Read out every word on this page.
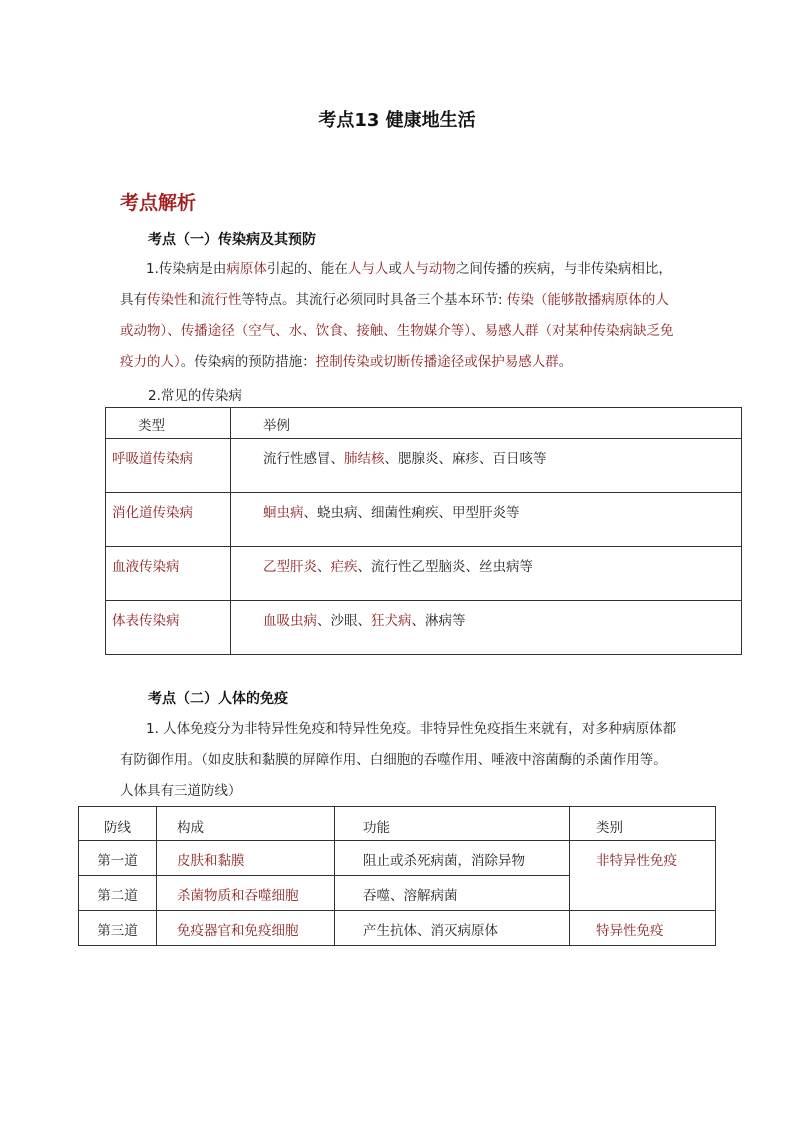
考点13 健康地生活
考点解析
考点（一）传染病及其预防
1.传染病是由病原体引起的、能在人与人或人与动物之间传播的疾病，与非传染病相比，具有传染性和流行性等特点。其流行必须同时具备三个基本环节: 传染（能够散播病原体的人或动物）、传播途径（空气、水、饮食、接触、生物媒介等）、易感人群（对某种传染病缺乏免疫力的人）。传染病的预防措施：控制传染或切断传播途径或保护易感人群。
2.常见的传染病
类型	举例
呼吸道传染病	流行性感冒、肺结核、腮腺炎、麻疹、百日咳等
消化道传染病	蛔虫病、蛲虫病、细菌性痢疾、甲型肝炎等
血液传染病	乙型肝炎、疟疾、流行性乙型脑炎、丝虫病等
体表传染病	血吸虫病、沙眼、狂犬病、淋病等
考点（二）人体的免疫
1. 人体免疫分为非特异性免疫和特异性免疫。非特异性免疫指生来就有，对多种病原体都有防御作用。（如皮肤和黏膜的屏障作用、白细胞的吞噬作用、唾液中溶菌酶的杀菌作用等。人体具有三道防线）
防线	构成	功能	类别
第一道	皮肤和黏膜	阻止或杀死病菌，消除异物	非特异性免疫
第二道	杀菌物质和吞噬细胞	吞噬、溶解病菌	
第三道	免疫器官和免疫细胞	产生抗体、消灭病原体	特异性免疫
